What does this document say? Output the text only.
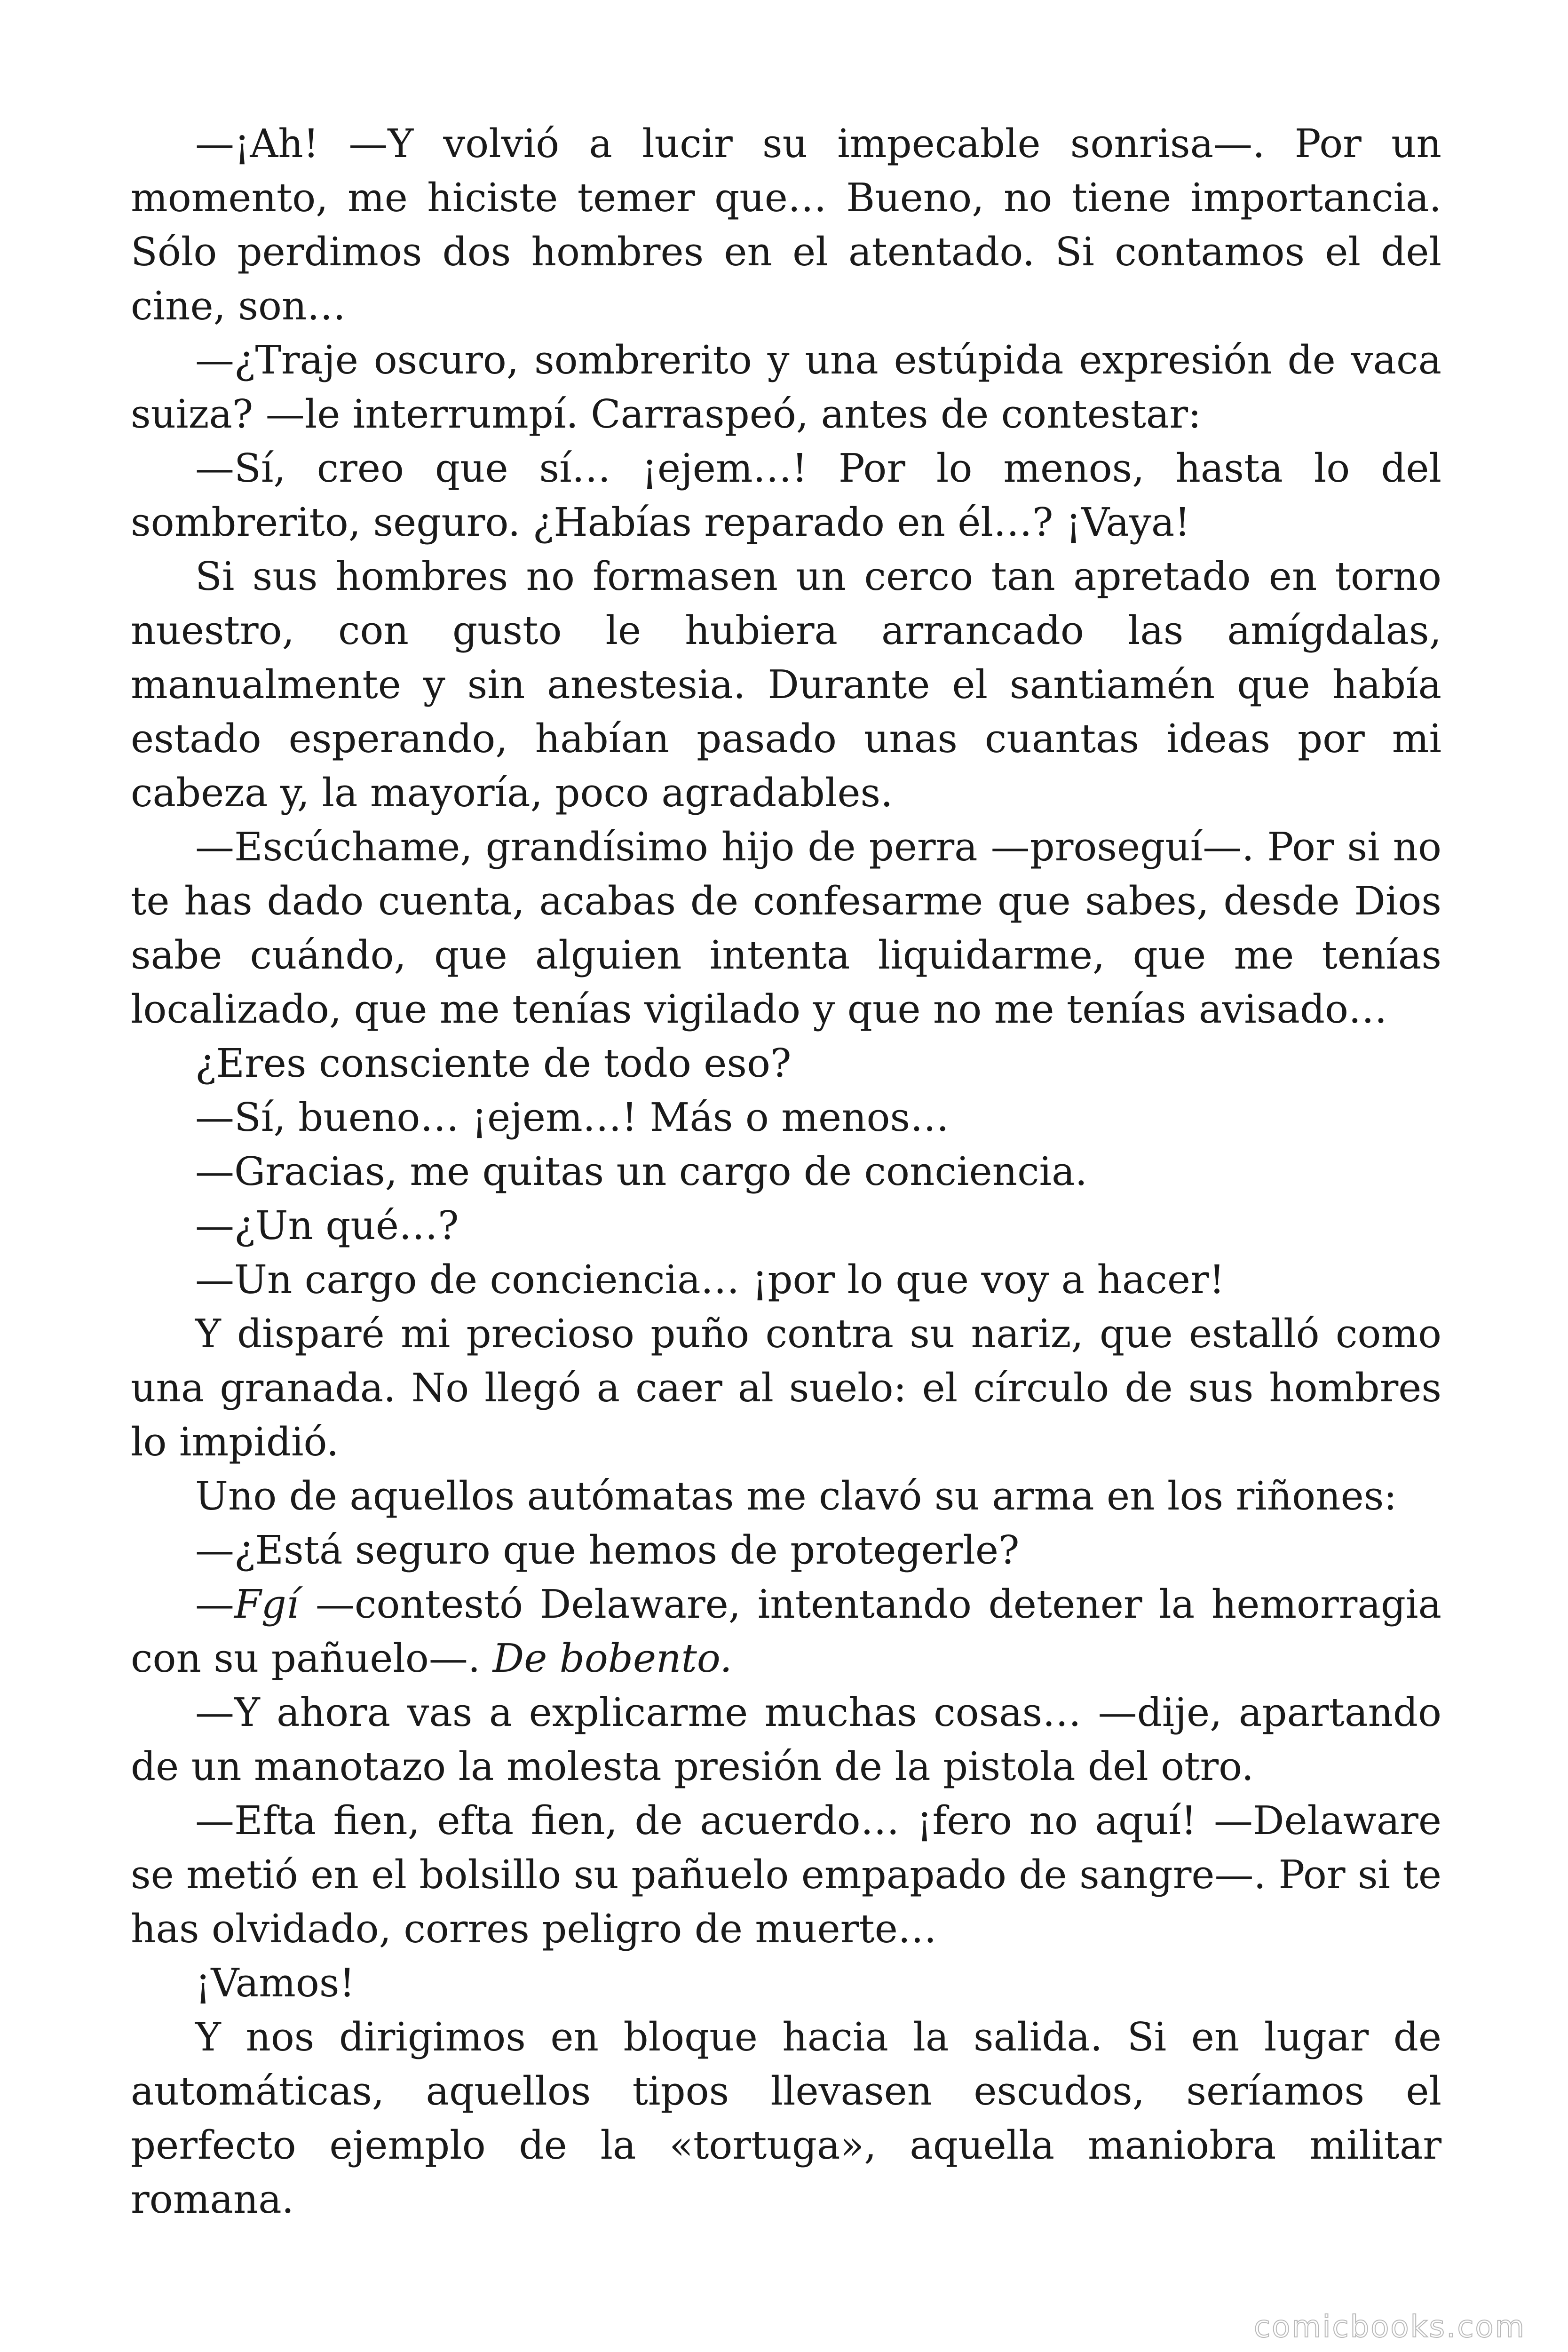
—¡Ah! —Y volvió a lucir su impecable sonrisa—. Por un momento, me hiciste temer que… Bueno, no tiene importancia. Sólo perdimos dos hombres en el atentado. Si contamos el del cine, son…

—¿Traje oscuro, sombrerito y una estúpida expresión de vaca suiza? —le interrumpí. Carraspeó, antes de contestar:

—Sí, creo que sí… ¡ejem…! Por lo menos, hasta lo del sombrerito, seguro. ¿Habías reparado en él…? ¡Vaya!

Si sus hombres no formasen un cerco tan apretado en torno nuestro, con gusto le hubiera arrancado las amígdalas, manualmente y sin anestesia. Durante el santiamén que había estado esperando, habían pasado unas cuantas ideas por mi cabeza y, la mayoría, poco agradables.

—Escúchame, grandísimo hijo de perra —proseguí—. Por si no te has dado cuenta, acabas de confesarme que sabes, desde Dios sabe cuándo, que alguien intenta liquidarme, que me tenías localizado, que me tenías vigilado y que no me tenías avisado…

¿Eres consciente de todo eso?

—Sí, bueno… ¡ejem…! Más o menos…

—Gracias, me quitas un cargo de conciencia.

—¿Un qué…?

—Un cargo de conciencia… ¡por lo que voy a hacer!

Y disparé mi precioso puño contra su nariz, que estalló como una granada. No llegó a caer al suelo: el círculo de sus hombres lo impidió.

Uno de aquellos autómatas me clavó su arma en los riñones:

—¿Está seguro que hemos de protegerle?

—Fgí —contestó Delaware, intentando detener la hemorragia con su pañuelo—. De bobento.

—Y ahora vas a explicarme muchas cosas… —dije, apartando de un manotazo la molesta presión de la pistola del otro.

—Efta fien, efta fien, de acuerdo… ¡fero no aquí! —Delaware se metió en el bolsillo su pañuelo empapado de sangre—. Por si te has olvidado, corres peligro de muerte…

¡Vamos!

Y nos dirigimos en bloque hacia la salida. Si en lugar de automáticas, aquellos tipos llevasen escudos, seríamos el perfecto ejemplo de la «tortuga», aquella maniobra militar romana.

comicbooks.com
